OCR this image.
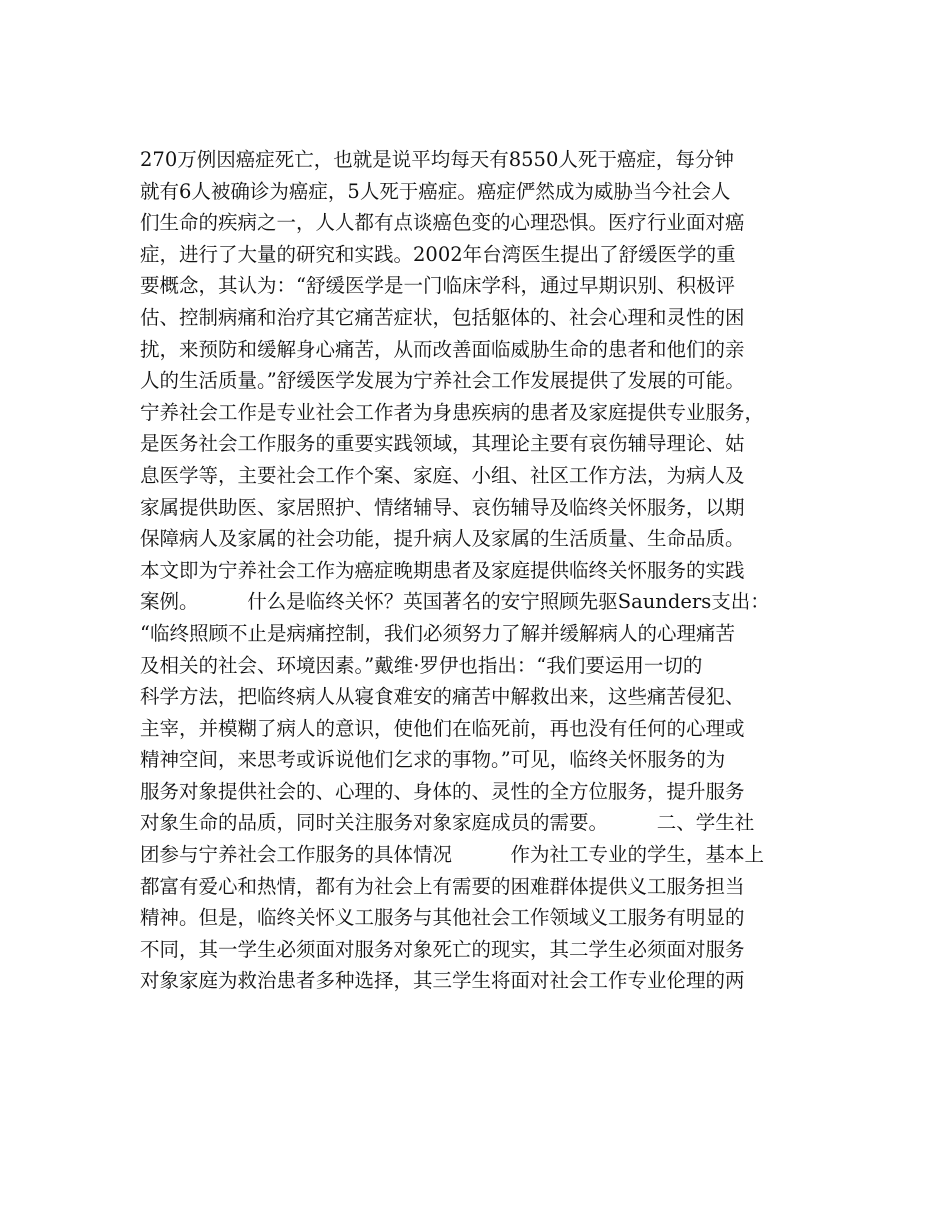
270万例因癌症死亡，也就是说平均每天有8550人死于癌症，每分钟
就有6人被确诊为癌症，5人死于癌症。癌症俨然成为威胁当今社会人
们生命的疾病之一，人人都有点谈癌色变的心理恐惧。医疗行业面对癌
症，进行了大量的研究和实践。2002年台湾医生提出了舒缓医学的重
要概念，其认为：“舒缓医学是一门临床学科，通过早期识别、积极评
估、控制病痛和治疗其它痛苦症状，包括躯体的、社会心理和灵性的困
扰，来预防和缓解身心痛苦，从而改善面临威胁生命的患者和他们的亲
人的生活质量。”舒缓医学发展为宁养社会工作发展提供了发展的可能。
宁养社会工作是专业社会工作者为身患疾病的患者及家庭提供专业服务，
是医务社会工作服务的重要实践领域，其理论主要有哀伤辅导理论、姑
息医学等，主要社会工作个案、家庭、小组、社区工作方法，为病人及
家属提供助医、家居照护、情绪辅导、哀伤辅导及临终关怀服务，以期
保障病人及家属的社会功能，提升病人及家属的生活质量、生命品质。
本文即为宁养社会工作为癌症晚期患者及家庭提供临终关怀服务的实践
案例。　　　什么是临终关怀？英国著名的安宁照顾先驱Saunders支出：
“临终照顾不止是病痛控制，我们必须努力了解并缓解病人的心理痛苦
及相关的社会、环境因素。”戴维·罗伊也指出：“我们要运用一切的
科学方法，把临终病人从寝食难安的痛苦中解救出来，这些痛苦侵犯、
主宰，并模糊了病人的意识，使他们在临死前，再也没有任何的心理或
精神空间，来思考或诉说他们乞求的事物。”可见，临终关怀服务的为
服务对象提供社会的、心理的、身体的、灵性的全方位服务，提升服务
对象生命的品质，同时关注服务对象家庭成员的需要。　　　二、学生社
团参与宁养社会工作服务的具体情况　　　作为社工专业的学生，基本上
都富有爱心和热情，都有为社会上有需要的困难群体提供义工服务担当
精神。但是，临终关怀义工服务与其他社会工作领域义工服务有明显的
不同，其一学生必须面对服务对象死亡的现实，其二学生必须面对服务
对象家庭为救治患者多种选择，其三学生将面对社会工作专业伦理的两
